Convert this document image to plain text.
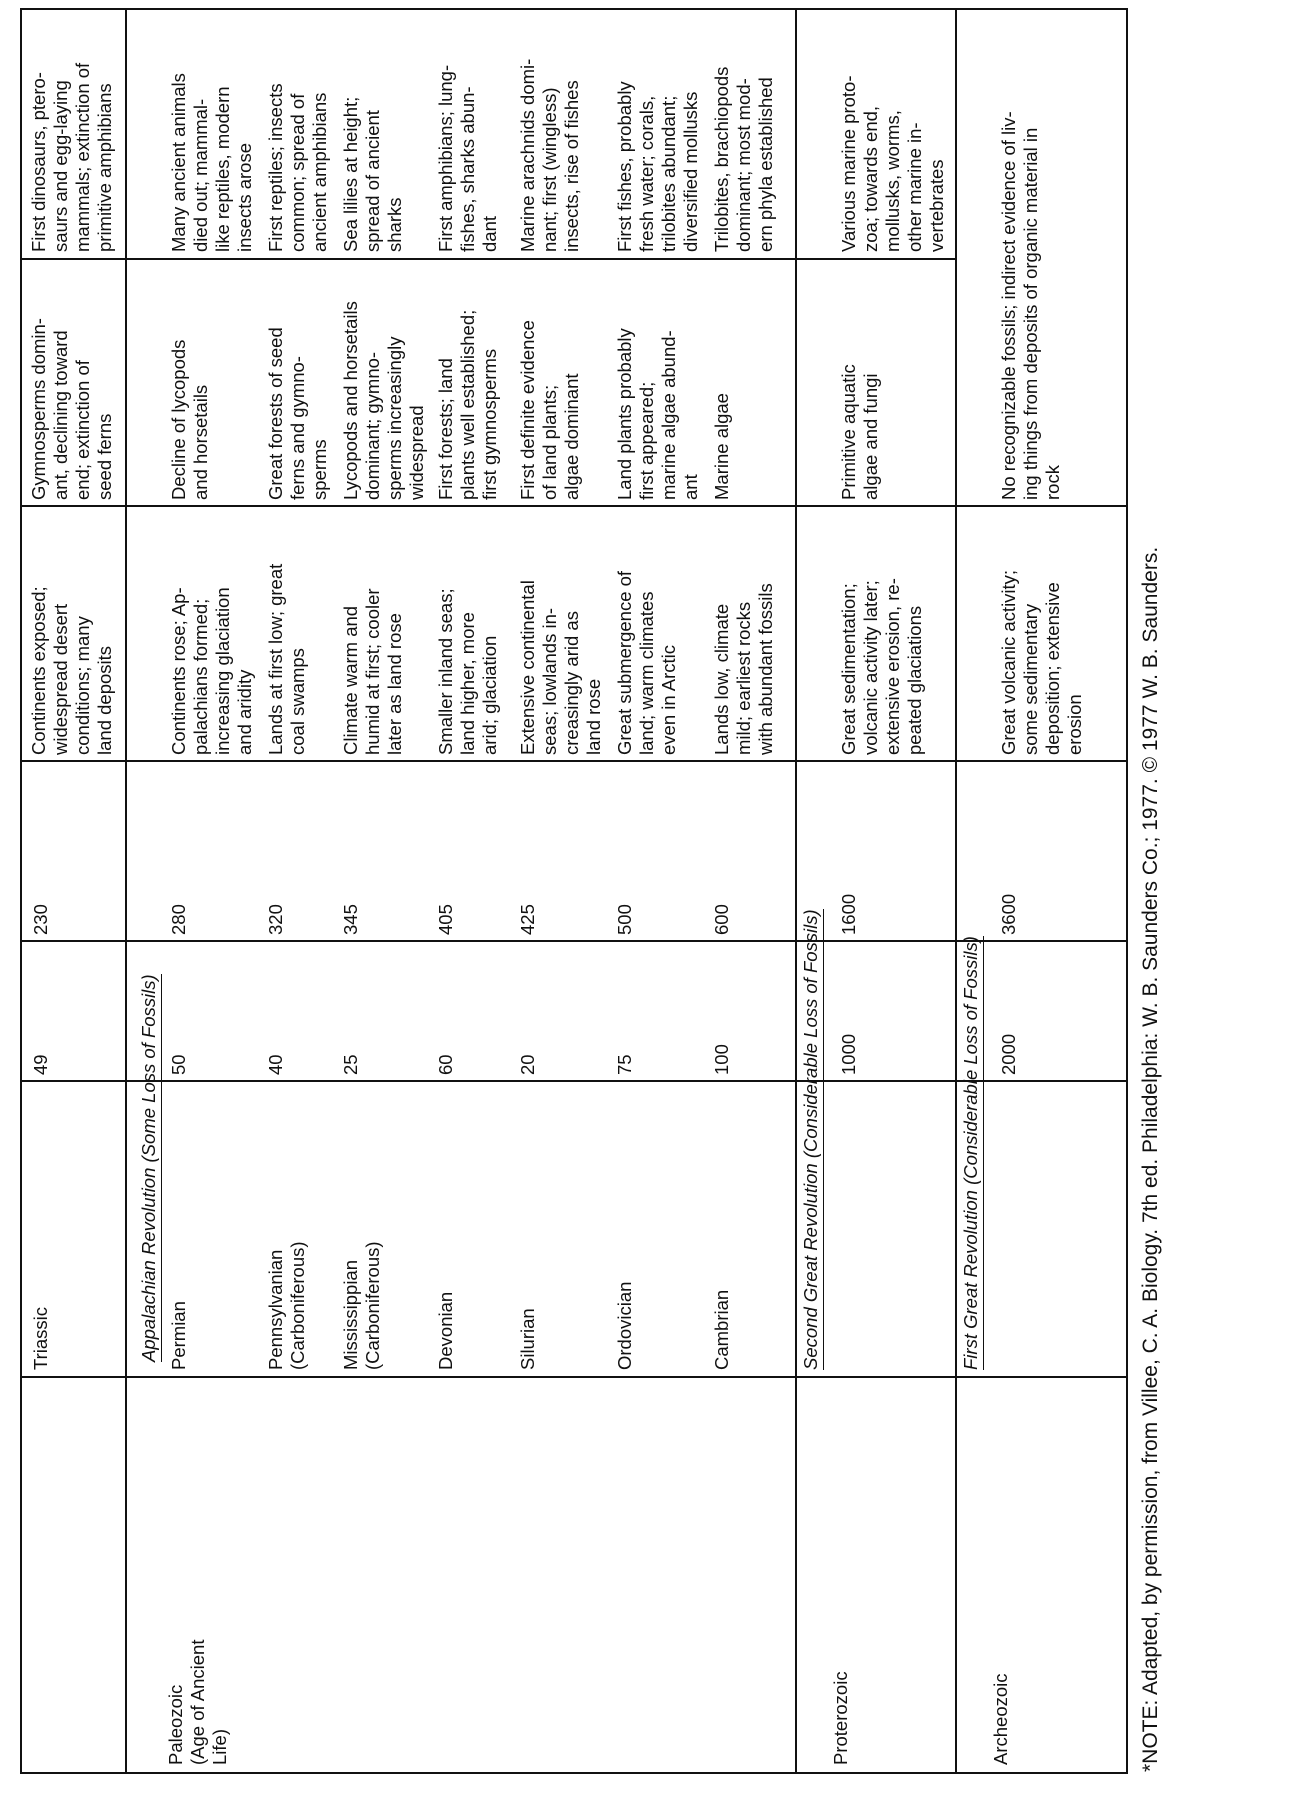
Triassic
49
230
Continents exposed;
widespread desert
conditions; many
land deposits
Gymnosperms domin-
ant, declining toward
end; extinction of
seed ferns
First dinosaurs, ptero-
saurs and egg-laying
mammals; extinction of
primitive amphibians
Appalachian Revolution (Some Loss of Fossils)
Paleozoic
(Age of Ancient
Life)
Permian
50
280
Continents rose; Ap-
palachians formed;
increasing glaciation
and aridity
Decline of lycopods
and horsetails
Many ancient animals
died out; mammal-
like reptiles, modern
insects arose
Pennsylvanian
(Carboniferous)
40
320
Lands at first low; great
coal swamps
Great forests of seed
ferns and gymno-
sperms
First reptiles; insects
common; spread of
ancient amphibians
Mississippian
(Carboniferous)
25
345
Climate warm and
humid at first; cooler
later as land rose
Lycopods and horsetails
dominant; gymno-
sperms increasingly
widespread
Sea lilies at height;
spread of ancient
sharks
Devonian
60
405
Smaller inland seas;
land higher, more
arid; glaciation
First forests; land
plants well established;
first gymnosperms
First amphibians; lung-
fishes, sharks abun-
dant
Silurian
20
425
Extensive continental
seas; lowlands in-
creasingly arid as
land rose
First definite evidence
of land plants;
algae dominant
Marine arachnids domi-
nant; first (wingless)
insects, rise of fishes
Ordovician
75
500
Great submergence of
land; warm climates
even in Arctic
Land plants probably
first appeared;
marine algae abund-
ant
First fishes, probably
fresh water; corals,
trilobites abundant;
diversified mollusks
Cambrian
100
600
Lands low, climate
mild; earliest rocks
with abundant fossils
Marine algae
Trilobites, brachiopods
dominant; most mod-
ern phyla established
Second Great Revolution (Considerable Loss of Fossils)
Proterozoic
1000
1600
Great sedimentation;
volcanic activity later;
extensive erosion, re-
peated glaciations
Primitive aquatic
algae and fungi
Various marine proto-
zoa; towards end,
mollusks, worms,
other marine in-
vertebrates
First Great Revolution (Considerable Loss of Fossils)
Archeozoic
2000
3600
Great volcanic activity;
some sedimentary
deposition; extensive
erosion
No recognizable fossils; indirect evidence of liv-
ing things from deposits of organic material in
rock
*NOTE: Adapted, by permission, from Villee, C. A. Biology. 7th ed. Philadelphia: W. B. Saunders Co.; 1977. © 1977 W. B. Saunders.
